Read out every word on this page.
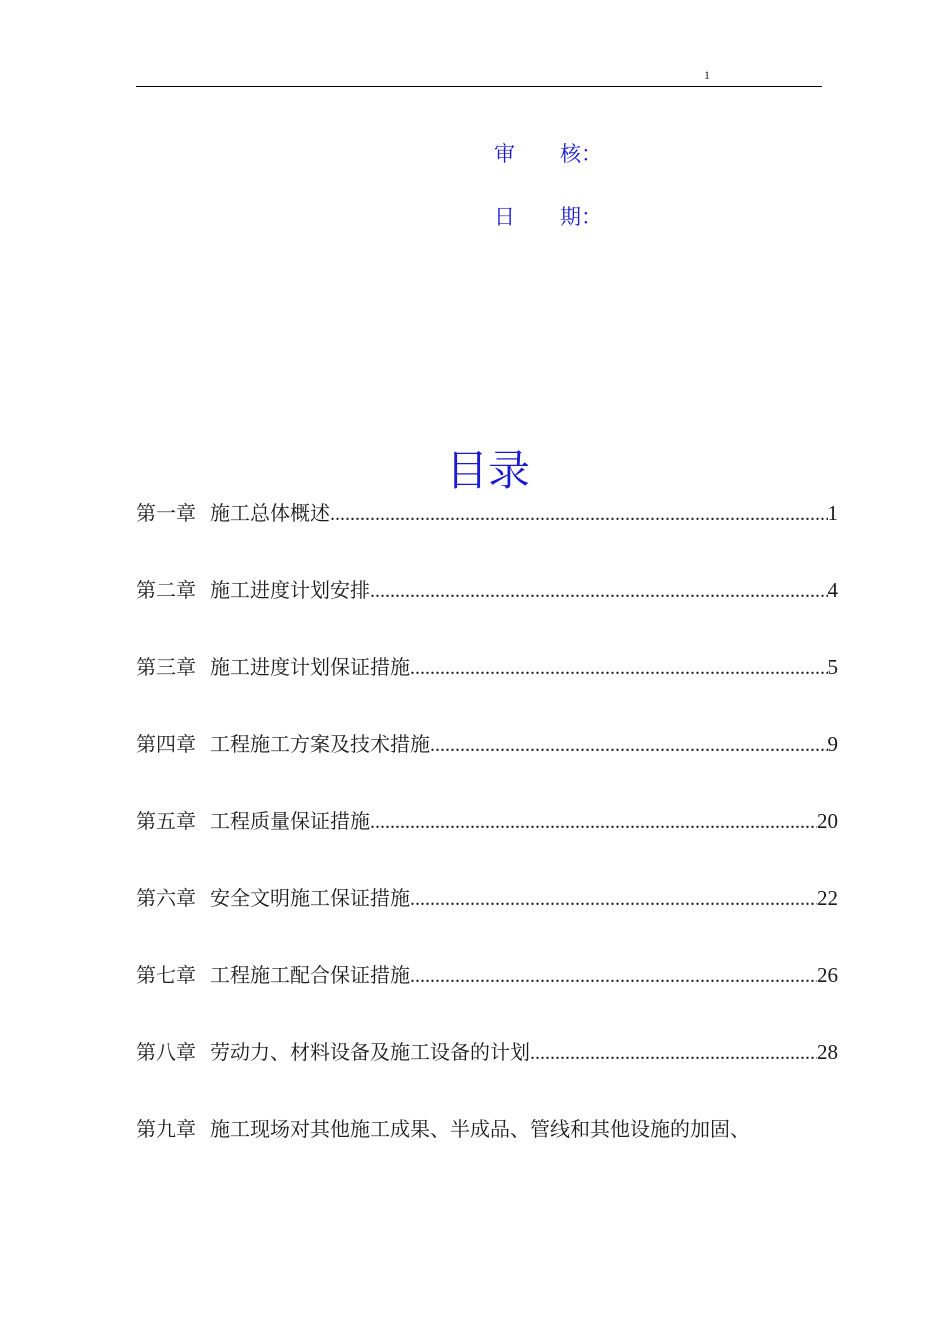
1
审 核：
日 期：
目录
第一章 施工总体概述 .....	1
第二章 施工进度计划安排 .....	4
第三章 施工进度计划保证措施 .....	5
第四章 工程施工方案及技术措施 .....	9
第五章 工程质量保证措施 .....	20
第六章 安全文明施工保证措施 .....	22
第七章 工程施工配合保证措施 .....	26
第八章 劳动力、材料设备及施工设备的计划 .....	28
第九章 施工现场对其他施工成果、半成品、管线和其他设施的加固、
